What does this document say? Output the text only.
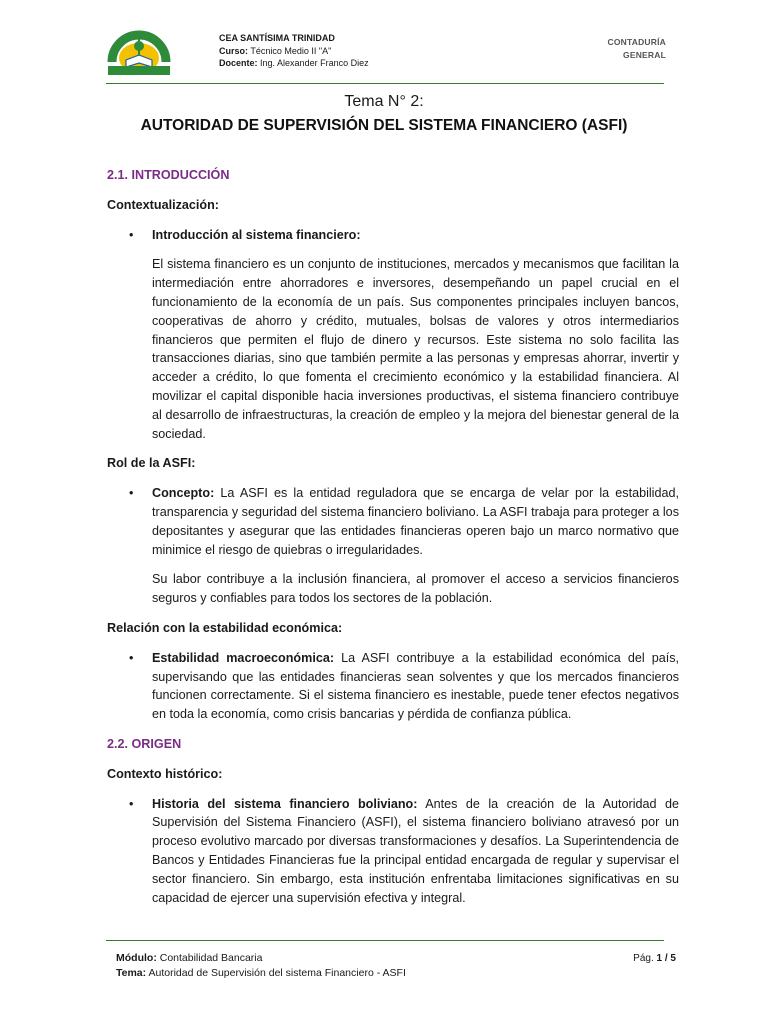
CEA SANTÍSIMA TRINIDAD
Curso: Técnico Medio II "A"
Docente: Ing. Alexander Franco Diez
CONTADURÍA
GENERAL
Tema N° 2:
AUTORIDAD DE SUPERVISIÓN DEL SISTEMA FINANCIERO (ASFI)
2.1. INTRODUCCIÓN
Contextualización:
• Introducción al sistema financiero:
El sistema financiero es un conjunto de instituciones, mercados y mecanismos que facilitan la intermediación entre ahorradores e inversores, desempeñando un papel crucial en el funcionamiento de la economía de un país. Sus componentes principales incluyen bancos, cooperativas de ahorro y crédito, mutuales, bolsas de valores y otros intermediarios financieros que permiten el flujo de dinero y recursos. Este sistema no solo facilita las transacciones diarias, sino que también permite a las personas y empresas ahorrar, invertir y acceder a crédito, lo que fomenta el crecimiento económico y la estabilidad financiera. Al movilizar el capital disponible hacia inversiones productivas, el sistema financiero contribuye al desarrollo de infraestructuras, la creación de empleo y la mejora del bienestar general de la sociedad.
Rol de la ASFI:
• Concepto: La ASFI es la entidad reguladora que se encarga de velar por la estabilidad, transparencia y seguridad del sistema financiero boliviano. La ASFI trabaja para proteger a los depositantes y asegurar que las entidades financieras operen bajo un marco normativo que minimice el riesgo de quiebras o irregularidades.
Su labor contribuye a la inclusión financiera, al promover el acceso a servicios financieros seguros y confiables para todos los sectores de la población.
Relación con la estabilidad económica:
• Estabilidad macroeconómica: La ASFI contribuye a la estabilidad económica del país, supervisando que las entidades financieras sean solventes y que los mercados financieros funcionen correctamente. Si el sistema financiero es inestable, puede tener efectos negativos en toda la economía, como crisis bancarias y pérdida de confianza pública.
2.2. ORIGEN
Contexto histórico:
• Historia del sistema financiero boliviano: Antes de la creación de la Autoridad de Supervisión del Sistema Financiero (ASFI), el sistema financiero boliviano atravesó por un proceso evolutivo marcado por diversas transformaciones y desafíos. La Superintendencia de Bancos y Entidades Financieras fue la principal entidad encargada de regular y supervisar el sector financiero. Sin embargo, esta institución enfrentaba limitaciones significativas en su capacidad de ejercer una supervisión efectiva y integral.
Módulo: Contabilidad Bancaria
Tema: Autoridad de Supervisión del sistema Financiero - ASFI
Pág. 1 / 5
